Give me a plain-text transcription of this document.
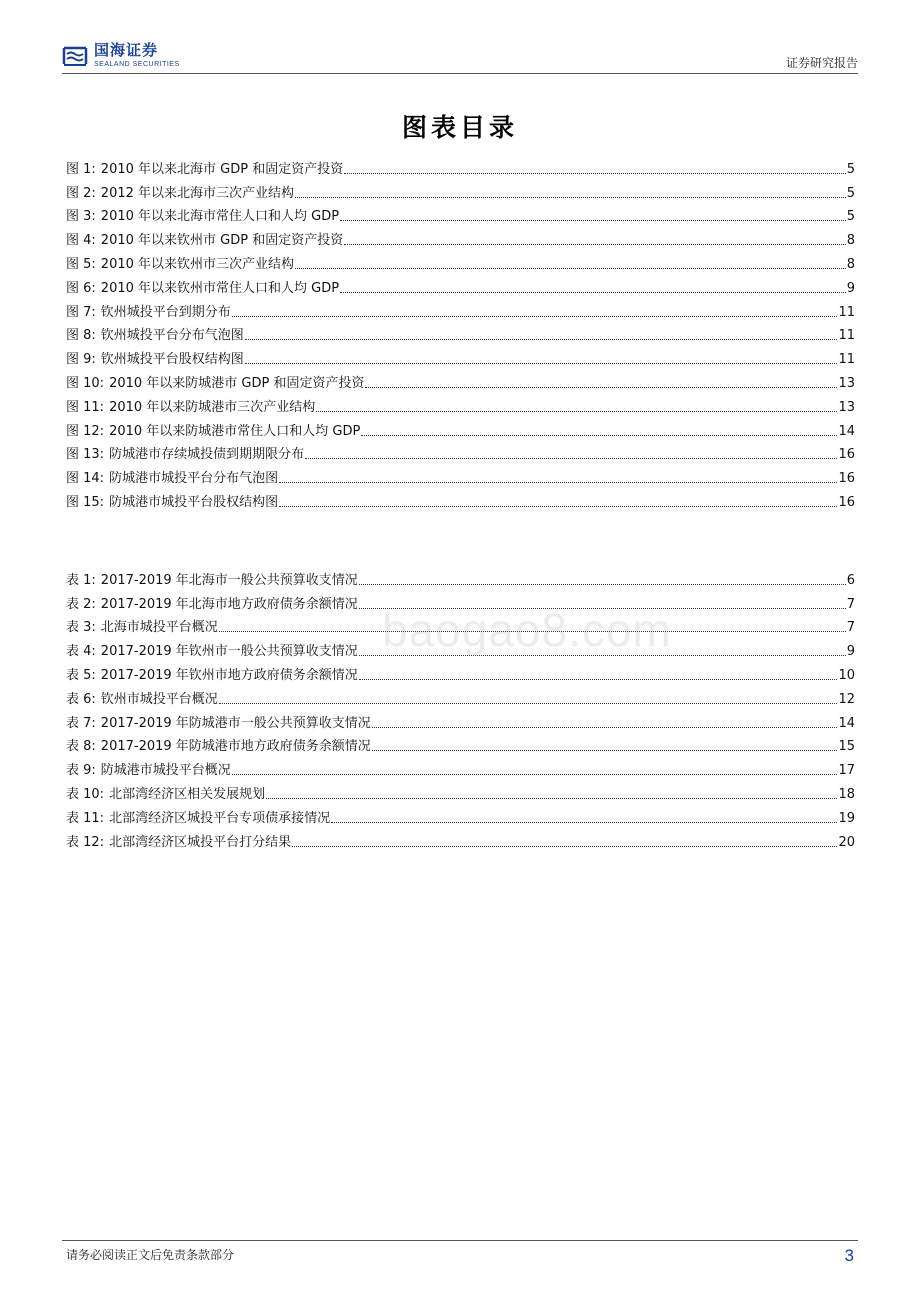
国海证券
SEALAND SECURITIES	证券研究报告
图表目录
图 1: 2010 年以来北海市 GDP 和固定资产投资	5
图 2: 2012 年以来北海市三次产业结构	5
图 3: 2010 年以来北海市常住人口和人均 GDP	5
图 4: 2010 年以来钦州市 GDP 和固定资产投资	8
图 5: 2010 年以来钦州市三次产业结构	8
图 6: 2010 年以来钦州市常住人口和人均 GDP	9
图 7: 钦州城投平台到期分布	11
图 8: 钦州城投平台分布气泡图	11
图 9: 钦州城投平台股权结构图	11
图 10: 2010 年以来防城港市 GDP 和固定资产投资	13
图 11: 2010 年以来防城港市三次产业结构	13
图 12: 2010 年以来防城港市常住人口和人均 GDP	14
图 13: 防城港市存续城投债到期期限分布	16
图 14: 防城港市城投平台分布气泡图	16
图 15: 防城港市城投平台股权结构图	16
表 1: 2017-2019 年北海市一般公共预算收支情况	6
表 2: 2017-2019 年北海市地方政府债务余额情况	7
表 3: 北海市城投平台概况	7
表 4: 2017-2019 年钦州市一般公共预算收支情况	9
表 5: 2017-2019 年钦州市地方政府债务余额情况	10
表 6: 钦州市城投平台概况	12
表 7: 2017-2019 年防城港市一般公共预算收支情况	14
表 8: 2017-2019 年防城港市地方政府债务余额情况	15
表 9: 防城港市城投平台概况	17
表 10: 北部湾经济区相关发展规划	18
表 11: 北部湾经济区城投平台专项债承接情况	19
表 12: 北部湾经济区城投平台打分结果	20
baogao8.com
请务必阅读正文后免责条款部分	3
